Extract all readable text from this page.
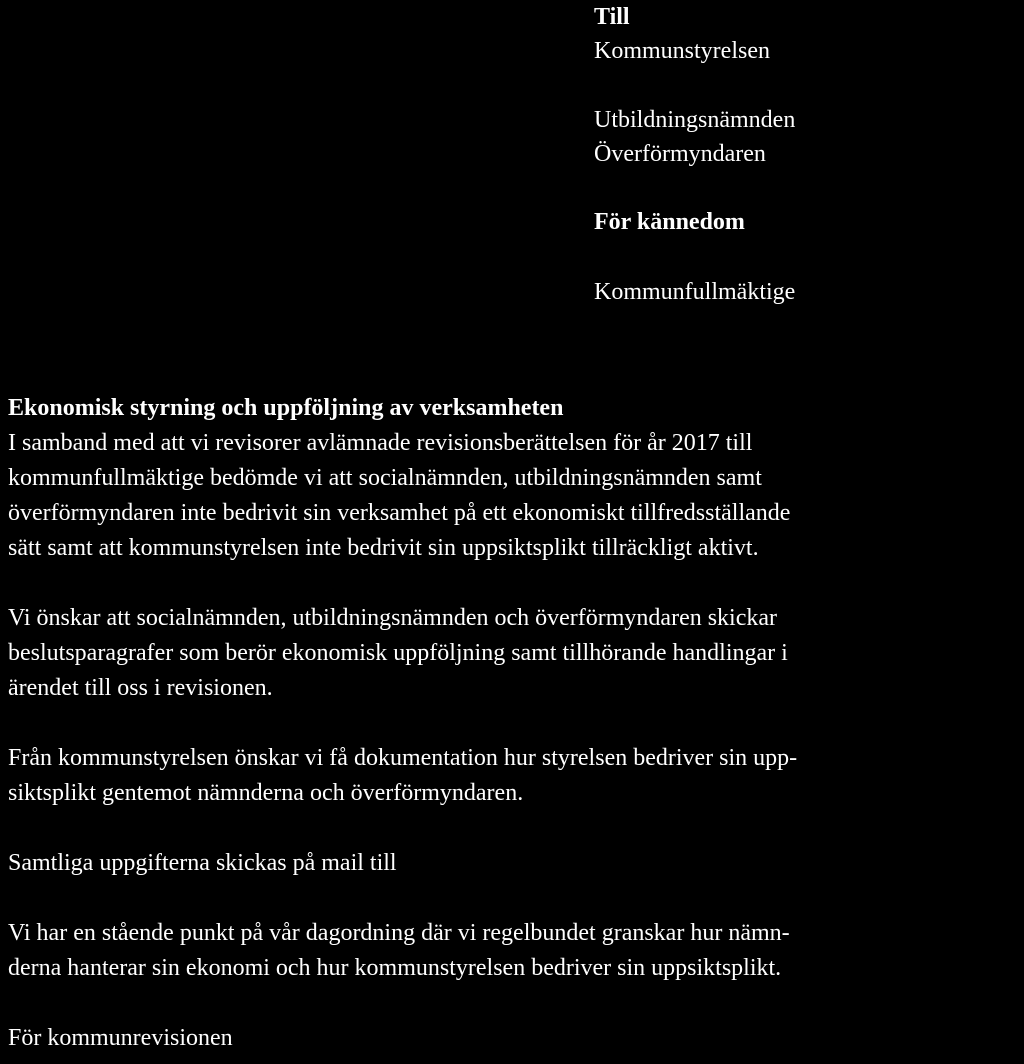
Till
Kommunstyrelsen
Utbildningsnämnden
Överförmyndaren
För kännedom
Kommunfullmäktige

Ekonomisk styrning och uppföljning av verksamheten

I samband med att vi revisorer avlämnade revisionsberättelsen för år 2017 till
kommunfullmäktige bedömde vi att socialnämnden, utbildningsnämnden samt
överförmyndaren inte bedrivit sin verksamhet på ett ekonomiskt tillfredsställande
sätt samt att kommunstyrelsen inte bedrivit sin uppsiktsplikt tillräckligt aktivt.

Vi önskar att socialnämnden, utbildningsnämnden och överförmyndaren skickar
beslutsparagrafer som berör ekonomisk uppföljning samt tillhörande handlingar i
ärendet till oss i revisionen.

Från kommunstyrelsen önskar vi få dokumentation hur styrelsen bedriver sin upp-
siktsplikt gentemot nämnderna och överförmyndaren.

Samtliga uppgifterna skickas på mail till

Vi har en stående punkt på vår dagordning där vi regelbundet granskar hur nämn-
derna hanterar sin ekonomi och hur kommunstyrelsen bedriver sin uppsiktsplikt.

För kommunrevisionen
